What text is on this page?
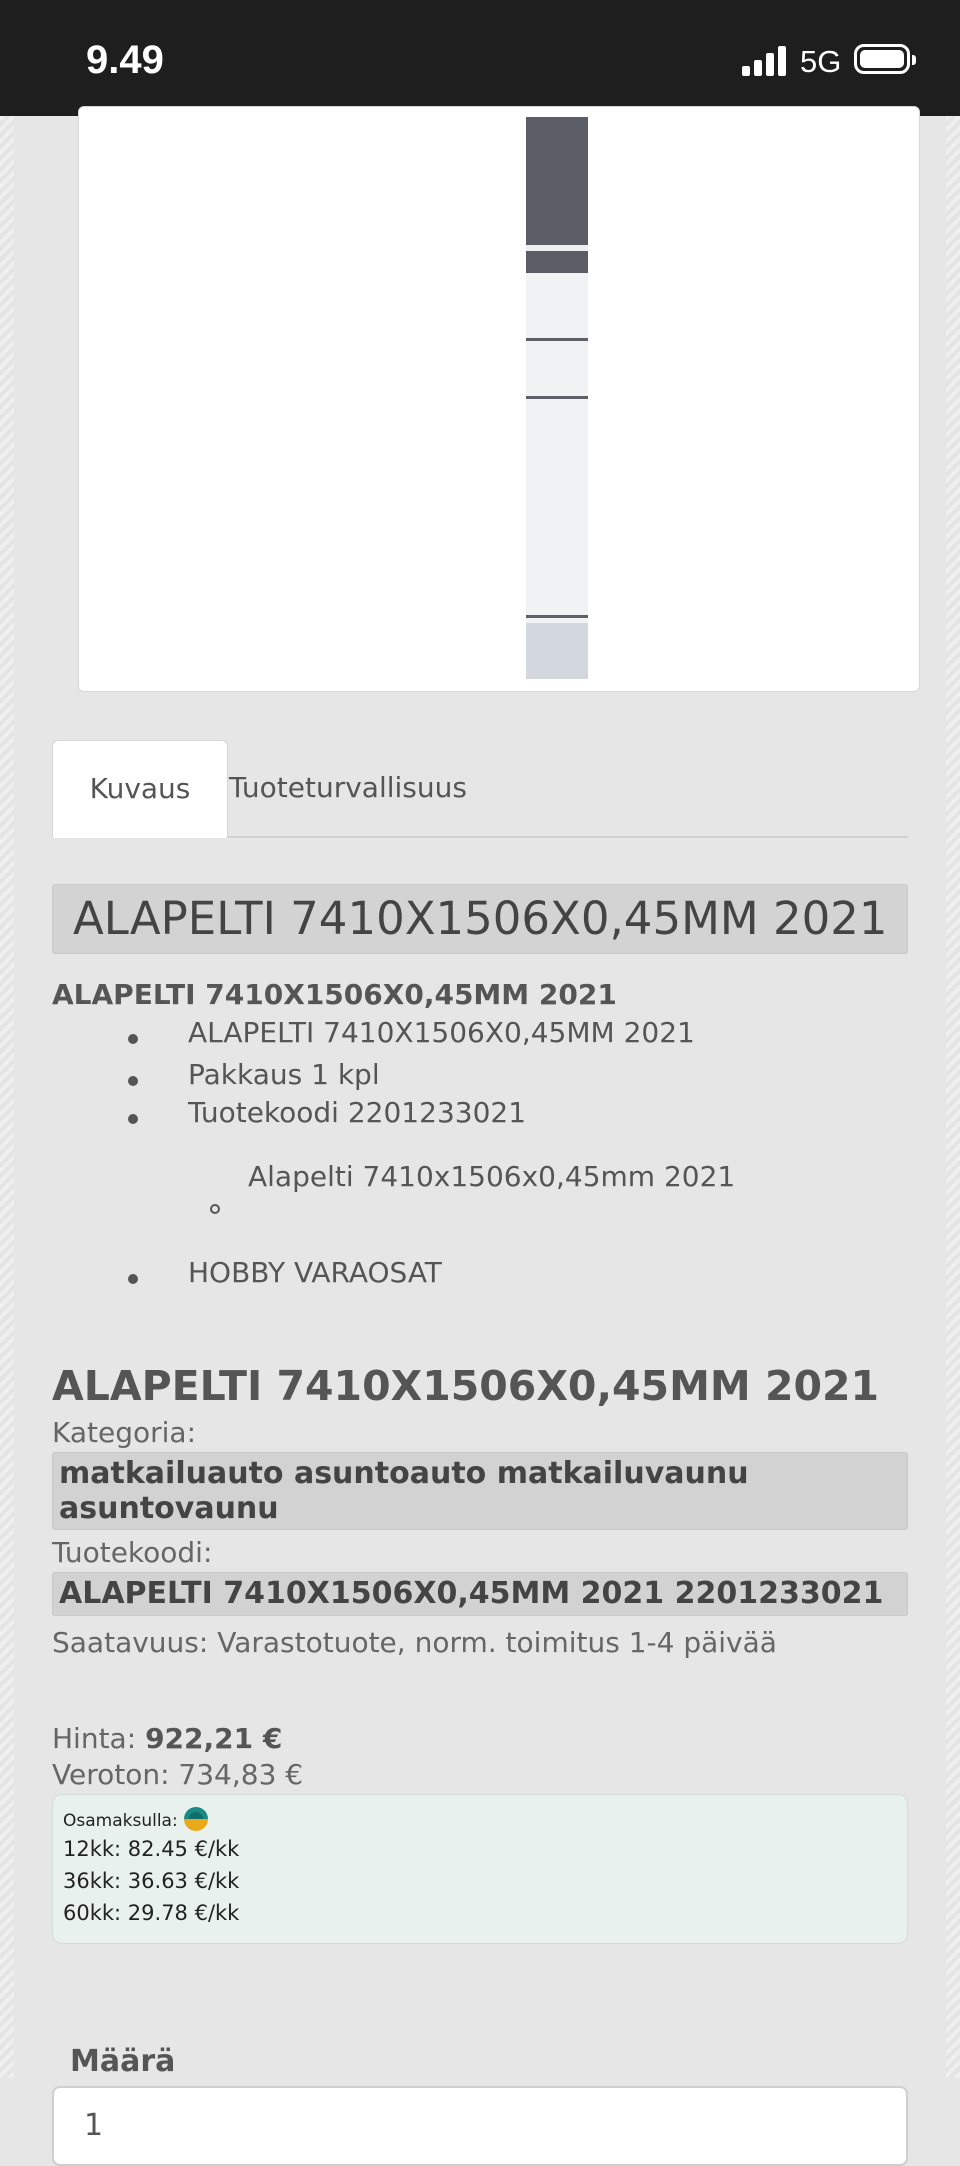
9.49	5G
Kuvaus	Tuoteturvallisuus
ALAPELTI 7410X1506X0,45MM 2021
ALAPELTI 7410X1506X0,45MM 2021
ALAPELTI 7410X1506X0,45MM 2021
Pakkaus 1 kpl
Tuotekoodi 2201233021
HOBBY VARAOSAT
Alapelti 7410x1506x0,45mm 2021
ALAPELTI 7410X1506X0,45MM 2021
Kategoria:
matkailuauto asuntoauto matkailuvaunu asuntovaunu
Tuotekoodi:
ALAPELTI 7410X1506X0,45MM 2021 2201233021
Saatavuus: Varastotuote, norm. toimitus 1-4 päivää
Hinta: 922,21 €
Veroton: 734,83 €
Osamaksulla:
12kk: 82.45 €/kk
36kk: 36.63 €/kk
60kk: 29.78 €/kk
Määrä
1
